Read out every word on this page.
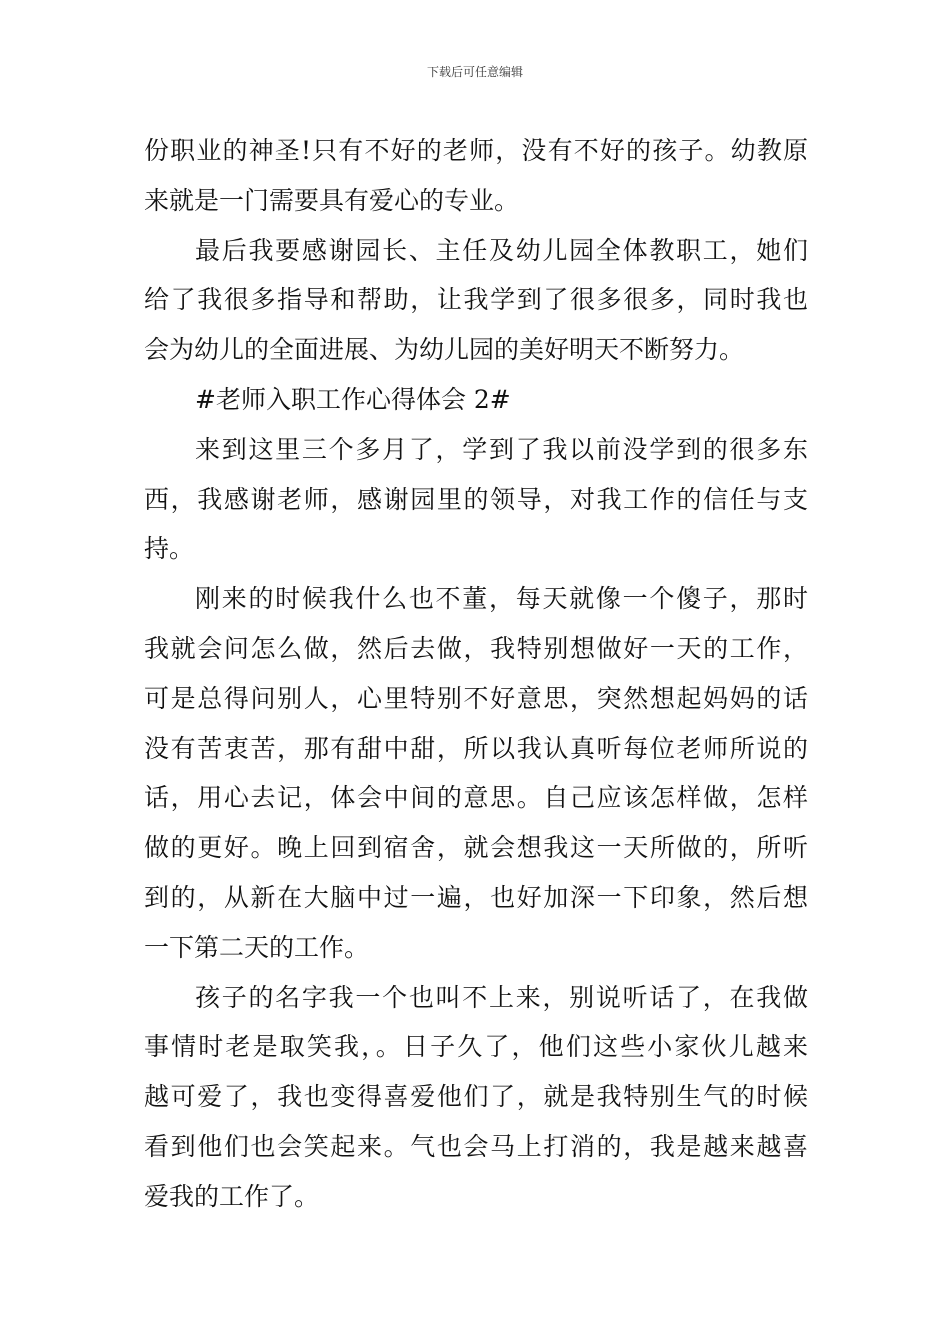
下载后可任意编辑
份职业的神圣!只有不好的老师，没有不好的孩子。幼教原
来就是一门需要具有爱心的专业。
最后我要感谢园长、主任及幼儿园全体教职工，她们
给了我很多指导和帮助，让我学到了很多很多，同时我也
会为幼儿的全面进展、为幼儿园的美好明天不断努力。
#老师入职工作心得体会 2#
来到这里三个多月了，学到了我以前没学到的很多东
西，我感谢老师，感谢园里的领导，对我工作的信任与支
持。
刚来的时候我什么也不董，每天就像一个傻子，那时
我就会问怎么做，然后去做，我特别想做好一天的工作，
可是总得问别人，心里特别不好意思，突然想起妈妈的话
没有苦衷苦，那有甜中甜，所以我认真听每位老师所说的
话，用心去记，体会中间的意思。自己应该怎样做，怎样
做的更好。晚上回到宿舍，就会想我这一天所做的，所听
到的，从新在大脑中过一遍，也好加深一下印象，然后想
一下第二天的工作。
孩子的名字我一个也叫不上来，别说听话了，在我做
事情时老是取笑我，。日子久了，他们这些小家伙儿越来
越可爱了，我也变得喜爱他们了，就是我特别生气的时候
看到他们也会笑起来。气也会马上打消的，我是越来越喜
爱我的工作了。
